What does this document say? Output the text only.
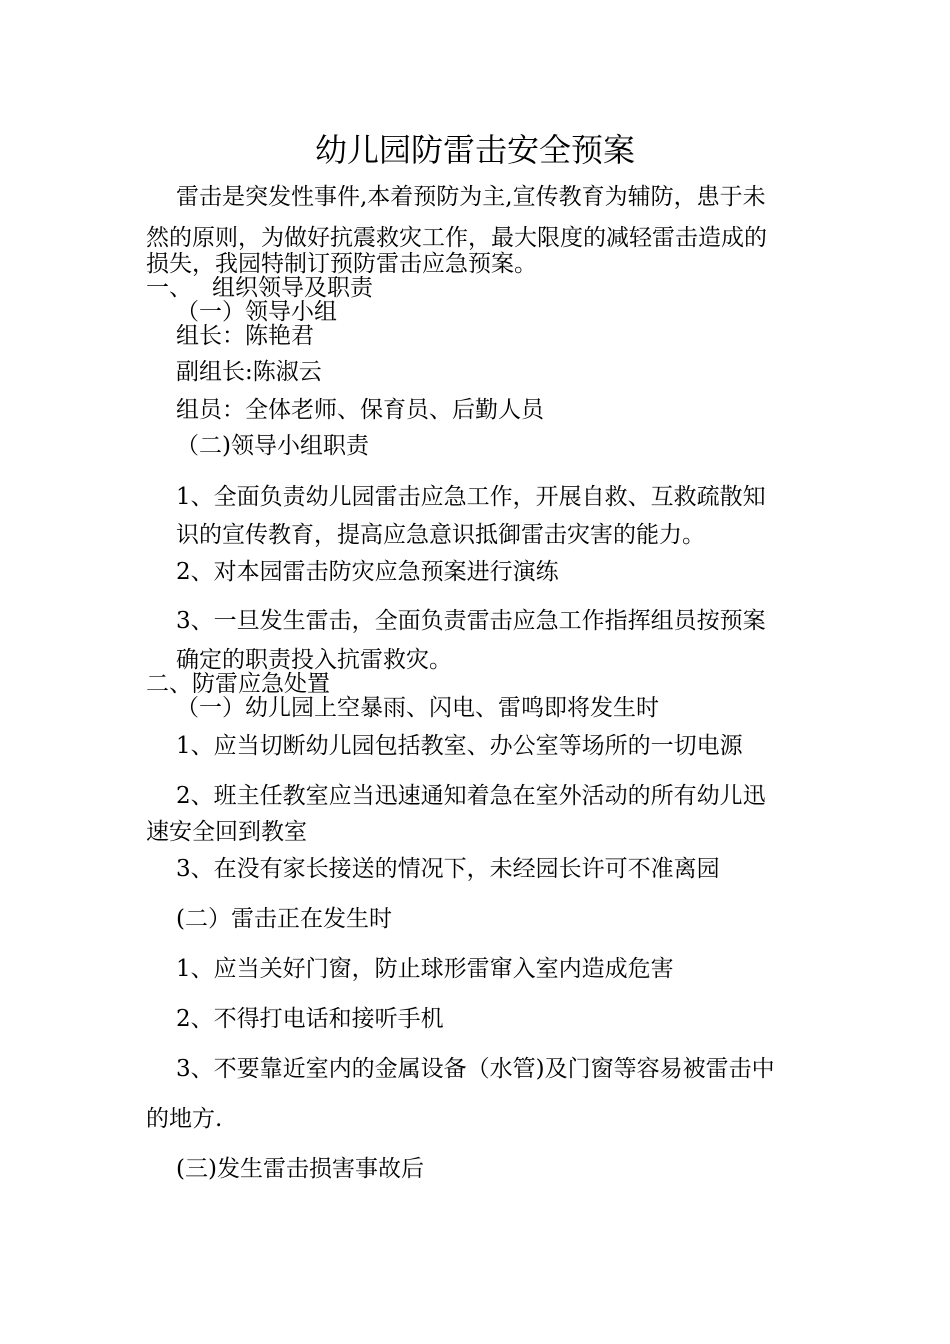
幼儿园防雷击安全预案

雷击是突发性事件,本着预防为主,宣传教育为辅防，患于未

然的原则，为做好抗震救灾工作，最大限度的减轻雷击造成的

损失，我园特制订预防雷击应急预案。

一、 组织领导及职责

（一）领导小组

组长：陈艳君

副组长:陈淑云

组员：全体老师、保育员、后勤人员

（二)领导小组职责

1、全面负责幼儿园雷击应急工作，开展自救、互救疏散知

识的宣传教育，提高应急意识抵御雷击灾害的能力。

2、对本园雷击防灾应急预案进行演练

3、一旦发生雷击，全面负责雷击应急工作指挥组员按预案

确定的职责投入抗雷救灾。

二、防雷应急处置

（一）幼儿园上空暴雨、闪电、雷鸣即将发生时

1、应当切断幼儿园包括教室、办公室等场所的一切电源

2、班主任教室应当迅速通知着急在室外活动的所有幼儿迅

速安全回到教室

3、在没有家长接送的情况下，未经园长许可不准离园

(二）雷击正在发生时

1、应当关好门窗，防止球形雷窜入室内造成危害

2、不得打电话和接听手机

3、不要靠近室内的金属设备（水管)及门窗等容易被雷击中

的地方.

(三)发生雷击损害事故后
